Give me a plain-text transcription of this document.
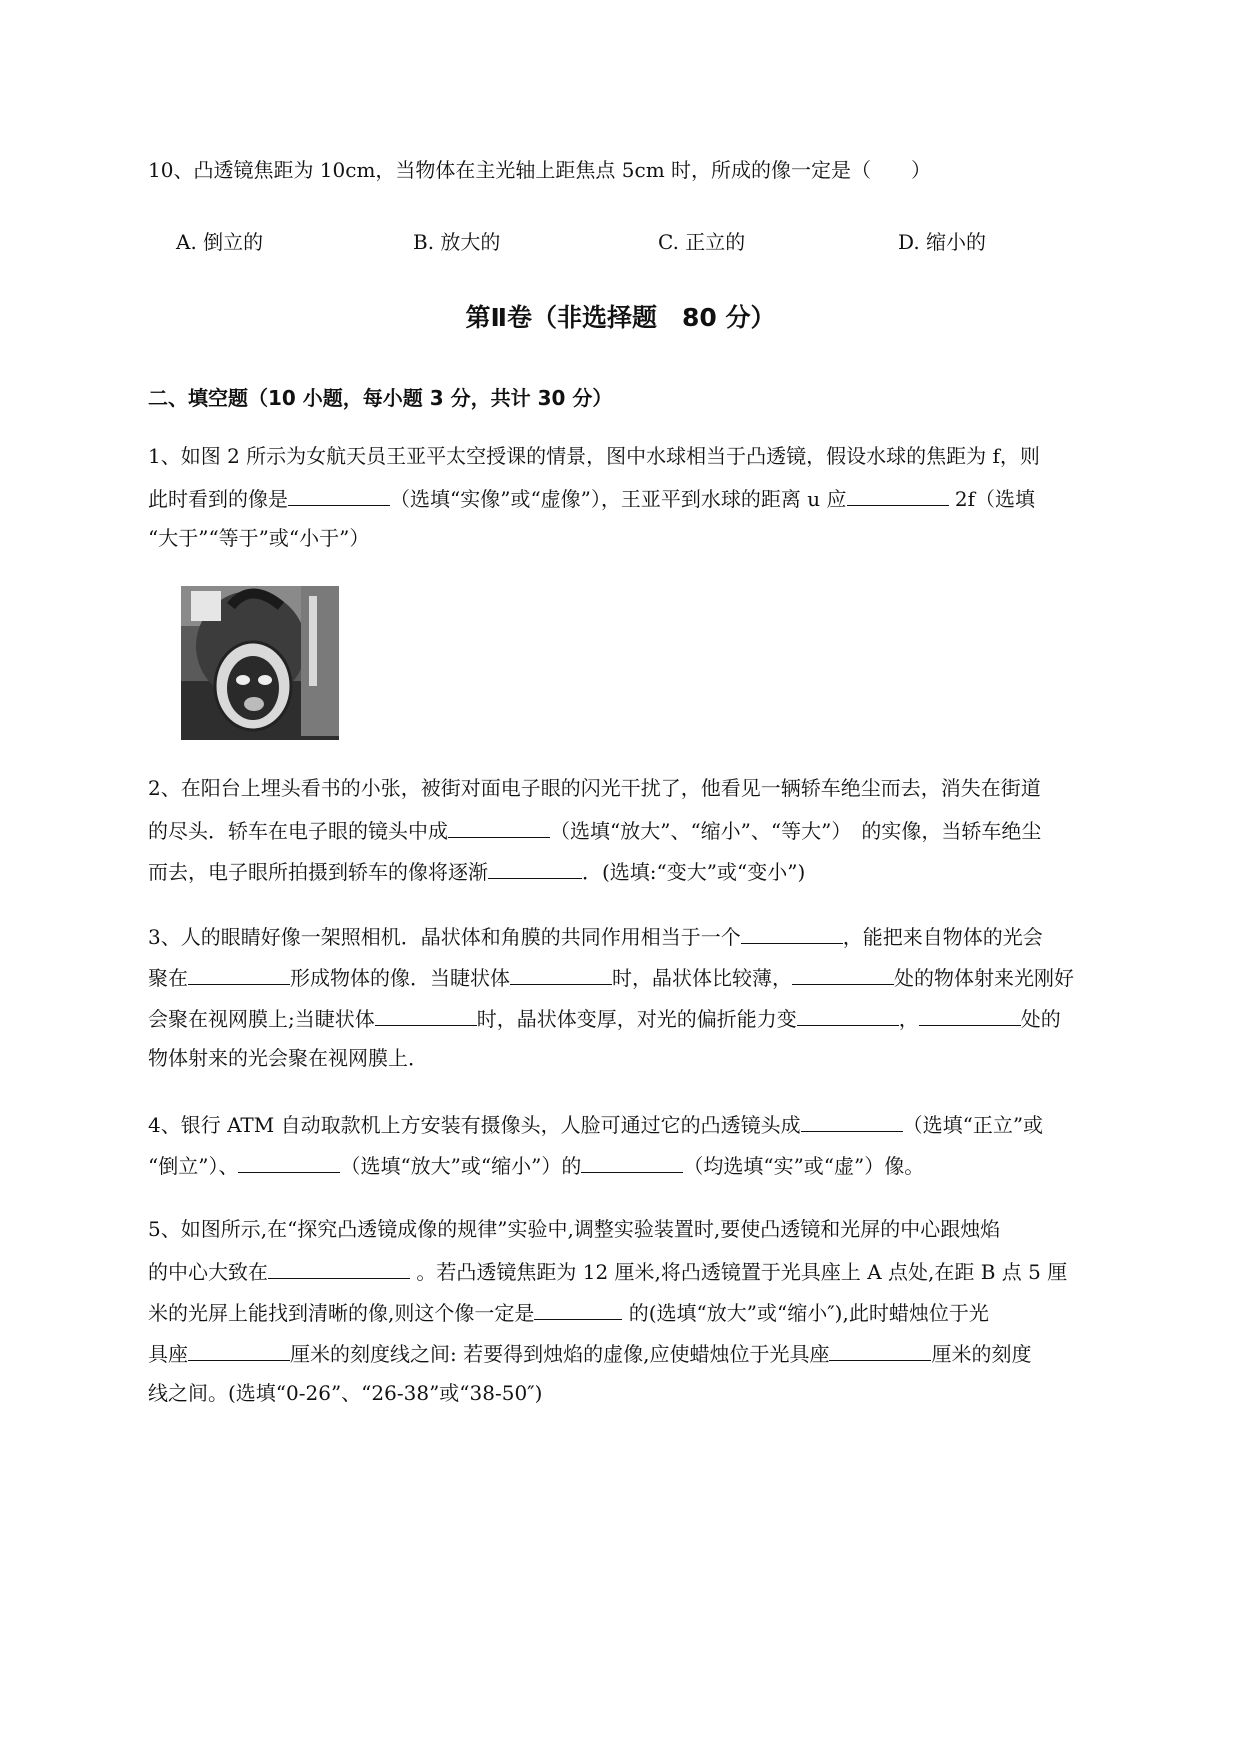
10、凸透镜焦距为 10cm，当物体在主光轴上距焦点 5cm 时，所成的像一定是（　　）
A. 倒立的	B. 放大的	C. 正立的	D. 缩小的
第Ⅱ卷（非选择题　80 分）
二、填空题（10 小题，每小题 3 分，共计 30 分）
1、如图 2 所示为女航天员王亚平太空授课的情景，图中水球相当于凸透镜，假设水球的焦距为 f，则
此时看到的像是	（选填“实像”或“虚像”），王亚平到水球的距离 u 应	2f（选填
“大于”“等于”或“小于”）
2、在阳台上埋头看书的小张，被街对面电子眼的闪光干扰了，他看见一辆轿车绝尘而去，消失在街道
的尽头．轿车在电子眼的镜头中成	（选填“放大”、“缩小”、“等大”）　的实像，当轿车绝尘
而去，电子眼所拍摄到轿车的像将逐渐	．(选填:“变大”或“变小”)
3、人的眼睛好像一架照相机．晶状体和角膜的共同作用相当于一个	，能把来自物体的光会
聚在	形成物体的像．当睫状体	时，晶状体比较薄，	处的物体射来光刚好
会聚在视网膜上;当睫状体	时，晶状体变厚，对光的偏折能力变	，	处的
物体射来的光会聚在视网膜上．
4、银行 ATM 自动取款机上方安装有摄像头，人脸可通过它的凸透镜头成	（选填“正立”或
“倒立”）、	（选填“放大”或“缩小”）的	（均选填“实”或“虚”）像。
5、如图所示,在“探究凸透镜成像的规律”实验中,调整实验装置时,要使凸透镜和光屏的中心跟烛焰
的中心大致在	。若凸透镜焦距为 12 厘米,将凸透镜置于光具座上 A 点处,在距 B 点 5 厘
米的光屏上能找到清晰的像,则这个像一定是	的(选填“放大”或“缩小″),此时蜡烛位于光
具座	厘米的刻度线之间: 若要得到烛焰的虚像,应使蜡烛位于光具座	厘米的刻度
线之间。(选填“0-26”、“26-38”或“38-50″)
